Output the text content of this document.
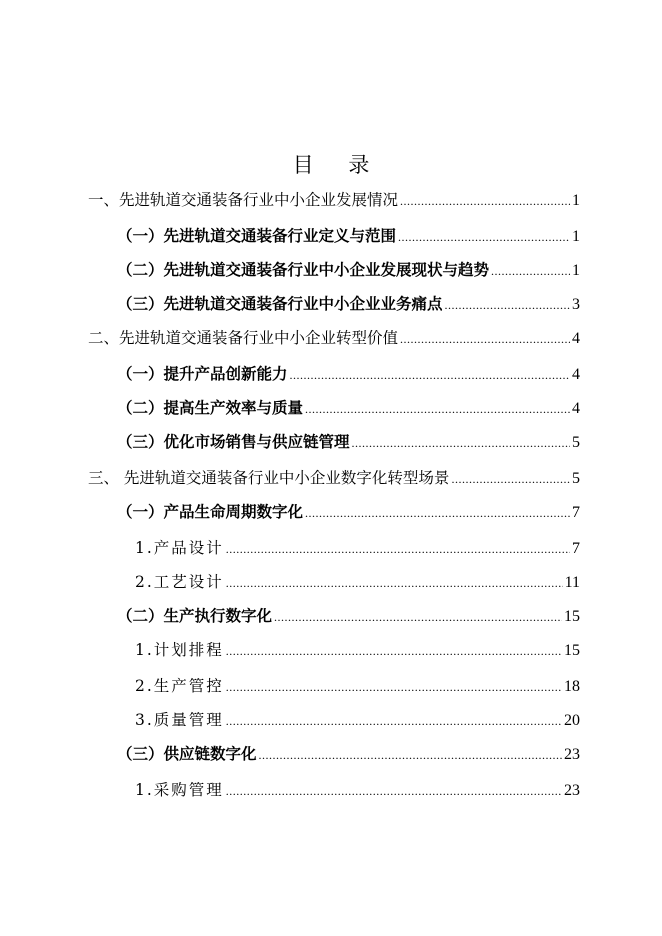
目 录
一、先进轨道交通装备行业中小企业发展情况 .....	1
（一）先进轨道交通装备行业定义与范围 .....	1
（二）先进轨道交通装备行业中小企业发展现状与趋势 .....	1
（三）先进轨道交通装备行业中小企业业务痛点 .....	3
二、先进轨道交通装备行业中小企业转型价值 .....	4
（一）提升产品创新能力 .....	4
（二）提高生产效率与质量 .....	4
（三）优化市场销售与供应链管理 .....	5
三、 先进轨道交通装备行业中小企业数字化转型场景 .....	5
（一）产品生命周期数字化 .....	7
1.产品设计 .....	7
2.工艺设计 .....	11
（二）生产执行数字化 .....	15
1.计划排程 .....	15
2.生产管控 .....	18
3.质量管理 .....	20
（三）供应链数字化 .....	23
1.采购管理 .....	23
